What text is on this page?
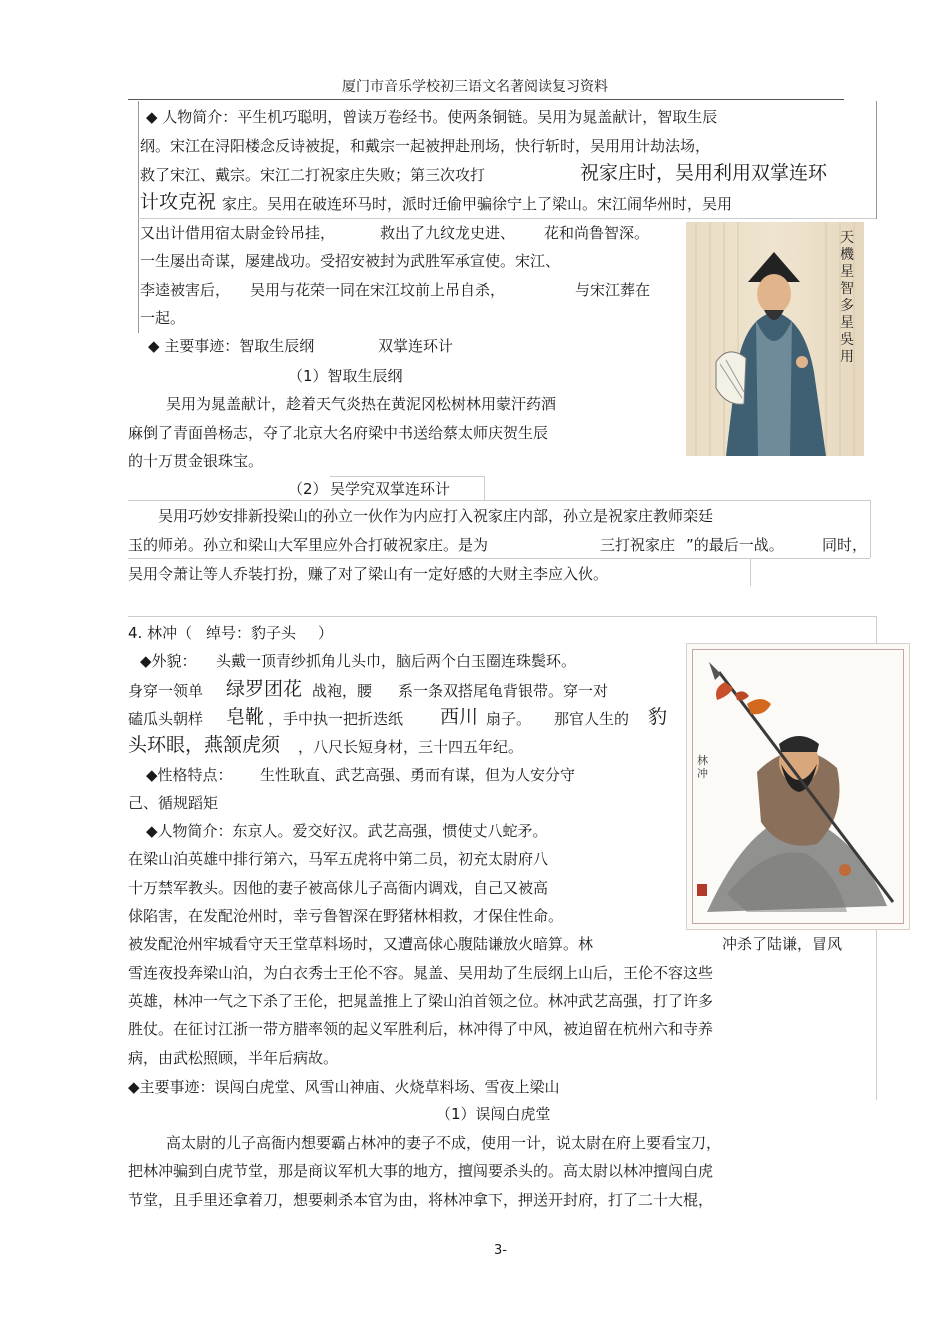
厦门市音乐学校初三语文名著阅读复习资料
◆ 人物简介：平生机巧聪明，曾读万卷经书。使两条铜链。吴用为晁盖献计，智取生辰
纲。宋江在浔阳楼念反诗被捉，和戴宗一起被押赴刑场，快行斩时，吴用用计劫法场，
救了宋江、戴宗。宋江二打祝家庄失败；第三次攻打	祝家庄时，吴用利用双掌连环
计攻克祝 家庄。吴用在破连环马时，派时迁偷甲骗徐宁上了梁山。宋江闹华州时，吴用
又出计借用宿太尉金铃吊挂，	救出了九纹龙史进、 花和尚鲁智深。
一生屡出奇谋，屡建战功。受招安被封为武胜军承宣使。宋江、
李逵被害后， 吴用与花荣一同在宋江坟前上吊自杀，	与宋江葬在
一起。
◆ 主要事迹：智取生辰纲	双掌连环计
（1）智取生辰纲
吴用为晁盖献计，趁着天气炎热在黄泥冈松树林用蒙汗药酒
麻倒了青面兽杨志，夺了北京大名府梁中书送给蔡太师庆贺生辰
的十万贯金银珠宝。
天機星智多星吳用
（2） 吴学究双掌连环计
吴用巧妙安排新投梁山的孙立一伙作为内应打入祝家庄内部，孙立是祝家庄教师栾廷
玉的师弟。孙立和梁山大军里应外合打破祝家庄。是为	三打祝家庄 ”的最后一战。	同时，
吴用令萧让等人乔装打扮，赚了对了梁山有一定好感的大财主李应入伙。
4. 林冲（ 绰号：豹子头 ）
◆外貌： 头戴一顶青纱抓角儿头巾，脑后两个白玉圈连珠鬓环。
身穿一领单 绿罗团花 战袍，腰 系一条双搭尾龟背银带。穿一对
磕瓜头朝样 皂靴 ，手中执一把折迭纸 西川 扇子。 那官人生的 豹
头环眼，燕颔虎须 ，八尺长短身材，三十四五年纪。
◆性格特点： 生性耿直、武艺高强、勇而有谋，但为人安分守
己、循规蹈矩
◆人物简介：东京人。爱交好汉。武艺高强，惯使丈八蛇矛。
在梁山泊英雄中排行第六，马军五虎将中第二员，初充太尉府八
十万禁军教头。因他的妻子被高俅儿子高衙内调戏，自己又被高
俅陷害，在发配沧州时，幸亏鲁智深在野猪林相救，才保住性命。
被发配沧州牢城看守天王堂草料场时，又遭高俅心腹陆谦放火暗算。林	冲杀了陆谦，冒风
雪连夜投奔梁山泊，为白衣秀士王伦不容。晁盖、吴用劫了生辰纲上山后，王伦不容这些
英雄，林冲一气之下杀了王伦，把晁盖推上了梁山泊首领之位。林冲武艺高强，打了许多
胜仗。在征讨江浙一带方腊率领的起义军胜利后，林冲得了中风，被迫留在杭州六和寺养
病，由武松照顾，半年后病故。
林冲
◆主要事迹：误闯白虎堂、风雪山神庙、火烧草料场、雪夜上梁山
（1）误闯白虎堂
高太尉的儿子高衙内想要霸占林冲的妻子不成，使用一计，说太尉在府上要看宝刀，
把林冲骗到白虎节堂，那是商议军机大事的地方，擅闯要杀头的。高太尉以林冲擅闯白虎
节堂，且手里还拿着刀，想要刺杀本官为由，将林冲拿下，押送开封府，打了二十大棍，
3-
